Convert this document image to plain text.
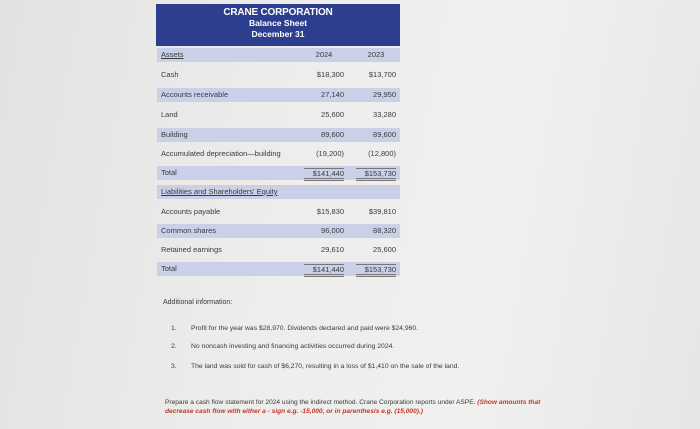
CRANE CORPORATION
Balance Sheet
December 31
Assets	2024	2023
Cash	$18,300	$13,700
Accounts receivable	27,140	29,950
Land	25,600	33,280
Building	89,600	89,600
Accumulated depreciation—building	(19,200)	(12,800)
Total	$141,440	$153,730
Liabilities and Shareholders' Equity
Accounts payable	$15,830	$39,810
Common shares	96,000	88,320
Retained earnings	29,610	25,600
Total	$141,440	$153,730
Additional information:
1.	Profit for the year was $28,970. Dividends declared and paid were $24,960.
2.	No noncash investing and financing activities occurred during 2024.
3.	The land was sold for cash of $6,270, resulting in a loss of $1,410 on the sale of the land.
Prepare a cash flow statement for 2024 using the indirect method. Crane Corporation reports under ASPE. (Show amounts that
decrease cash flow with either a - sign e.g. -15,000, or in parenthesis e.g. (15,000).)
